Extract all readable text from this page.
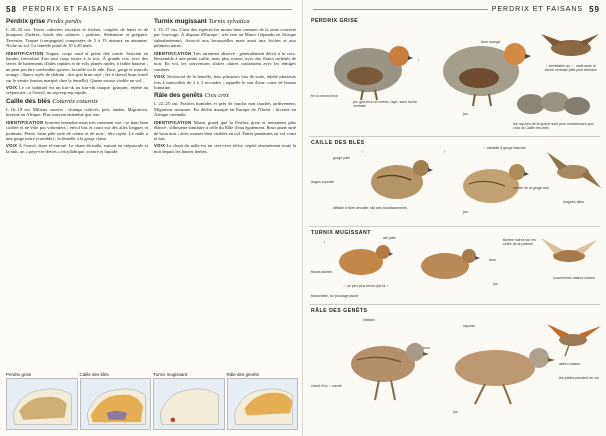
58 PERDRIX ET FAISANS
Perdrix grise Perdix perdix

L 29–32 cm. Terres cultivées ouvertes et friches, coupées de haies et de bouquets d'arbres, bords des cultures ; prairies. Sédentaire et grégaire. Terrestre. Trapue (compagnie) composées de 5 à 15 oiseaux en automne. Niche au sol. La femelle pond de 10 à 20 œufs.

IDENTIFICATION Trapue, corps rond et petite tête ronde. Souvent en bandes s'envolant d'un seul coup toutes à la fois. À grands cris, avec des séries de battements d'ailes rapides et de vols planés raides, à faible hauteur ; ne peut pas être confondue qu'avec la caille ou le râle. Face, gorge et sourcils orange ; flancs rayés de châtain ; dos gris brun rayé ; fer à cheval brun foncé sur le ventre (moins marqué chez la femelle). Queue rousse visible en vol.

VOIX Le cri habituel est un kirr-ik ou kirr-rik rauque, grinçant, répété au crépuscule ; à l'envol, un rep-rep-rep rapide.

Caille des blés Coturnix coturnix

L 16–18 cm. Milieux ouverts : champs cultivés, prés, landes. Migratrice, hiverne en Afrique. Plus souvent entendue que vue.

IDENTIFICATION Souvent entendue mais très rarement vue ; se tient bien cachée et ne vole pas volontiers ; envol bas et court sur des ailes longues et pointues. Petite, brun pâle strié de crème et de noir ; tête rayée. Le mâle a une gorge noire (variable) ; la femelle a la gorge claire.

VOIX À l'envol, doux et enroué. Le chant du mâle, surtout au crépuscule et la nuit, un « paye-tes-dettes » trisyllabique, sonore et liquide.

Turnix mugissant Turnix sylvatica

L 15–17 cm. L'une des espèces les moins bien connues de la zone couverte par l'ouvrage. À disparu d'Europe ; très rare au Maroc (répandu en Afrique subsaharienne). Associé aux broussailles mais aussi aux friches et aux palmiers nains.

IDENTIFICATION Très rarement observé ; généralement décrit à la voix. Ressemble à une petite caille, mais plus rousse, avec des flancs tachetés de noir. En vol, les couvertures alaires claires contrastent avec les rémiges sombres.

VOIX Territorial de la femelle, hou, plusieurs fois de suite, répété plusieurs fois à intervalles de 2 à 3 secondes ; rappelle le son d'une corne de brume lointaine.

Râle des genêts Crex crex

L 22–25 cm. Prairies humides et prés de fauche non fauchés tardivement. Migrateur nocturne. En déclin marqué en Europe de l'Ouest ; hiverne en Afrique orientale.

IDENTIFICATION Moins grand que la Perdrix grise et nettement plus élancé ; silhouette similaire à celle du Râle d'eau également. Brun jaune strié de brun noir ; ailes rousses bien visibles en vol. Pattes pendantes en vol court et bas.

VOIX Le chant du mâle est un crex-crex rêche, répété obstinément toute la nuit depuis les hautes herbes.

Perdrix grise	Caille des blés	Turnix mugissant	Râle des genêts
PERDRIX ET FAISANS 59
PERDRIX GRISE
brun orangé
♀
♂ semblable au ♂, mais avec la tache ventrale pâle plus étendue
fer à cheval brun
juv. gris-brun et crème, rayé, sans tache ventrale
juv.
les rayures de la queue sont plus nombreuses que chez la Caille des blés
CAILLE DES BLÉS
gorge pâle
♂	♀
♂ variable à gorge blanche
difficile à faire décoller, fait des bondissements
larges sourcils
centre de la gorge noir
longues ailes
juv.
TURNIX MUGISSANT
œil pâle
♀
♂ un peu plus terne que la ♀
flancs tachés
brun
juv.
couvertures alaires claires
tâches noires sur les côtés de la poitrine
blanchâtre, au plumage jaune
RÂLE DES GENÊTS
chant d'un ♂ caché
châtain
brun
rayures
ailes rousses
les pattes pendent en vol
juv.
